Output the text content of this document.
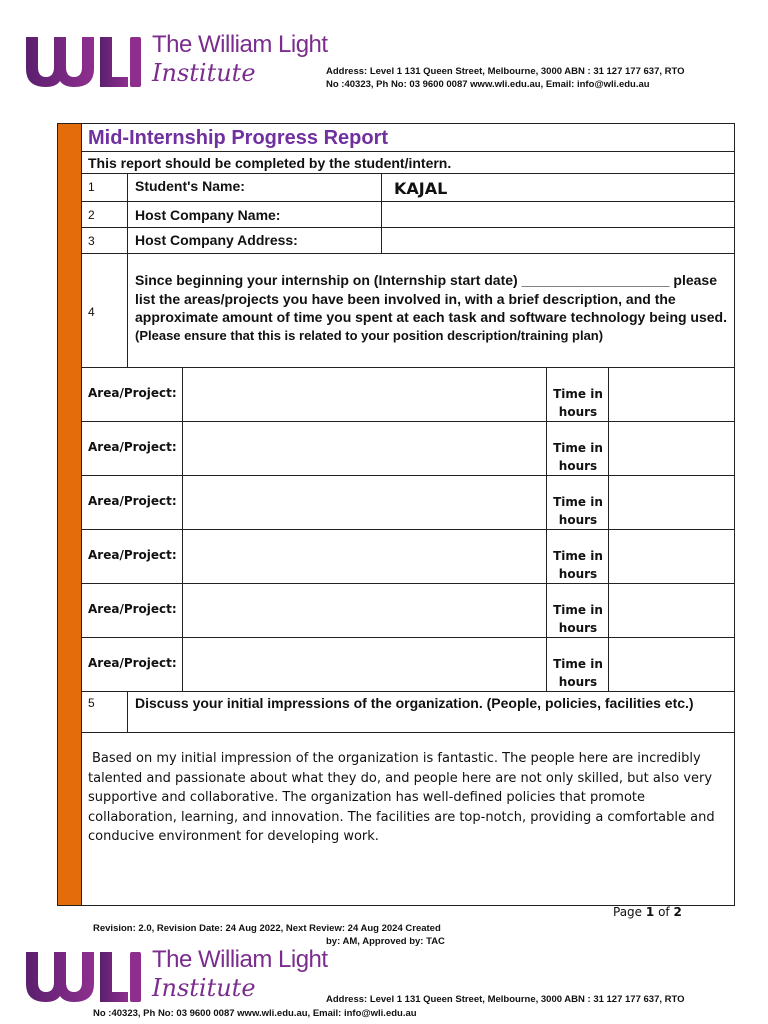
The William Light
Institute	Address: Level 1 131 Queen Street, Melbourne, 3000 ABN : 31 127 177 637, RTO
No :40323, Ph No: 03 9600 0087 www.wli.edu.au, Email: info@wli.edu.au
Mid-Internship Progress Report
This report should be completed by the student/intern.
1	Student's Name:	KAJAL
2	Host Company Name:
3	Host Company Address:
4
Since beginning your internship on (Internship start date) ___________________ please list the areas/projects you have been involved in, with a brief description, and the approximate amount of time you spent at each task and software technology being used.
(Please ensure that this is related to your position description/training plan)
Area/Project:	Time in
hours
Area/Project:	Time in
hours
Area/Project:	Time in
hours
Area/Project:	Time in
hours
Area/Project:	Time in
hours
Area/Project:	Time in
hours
5	Discuss your initial impressions of the organization. (People, policies, facilities etc.)
Based on my initial impression of the organization is fantastic. The people here are incredibly talented and passionate about what they do, and people here are not only skilled, but also very supportive and collaborative. The organization has well-defined policies that promote collaboration, learning, and innovation. The facilities are top-notch, providing a comfortable and conducive environment for developing work.
Page 1 of 2
Revision: 2.0, Revision Date: 24 Aug 2022, Next Review: 24 Aug 2024 Created
by: AM, Approved by: TAC
The William Light
Institute	Address: Level 1 131 Queen Street, Melbourne, 3000 ABN : 31 127 177 637, RTO
No :40323, Ph No: 03 9600 0087 www.wli.edu.au, Email: info@wli.edu.au
